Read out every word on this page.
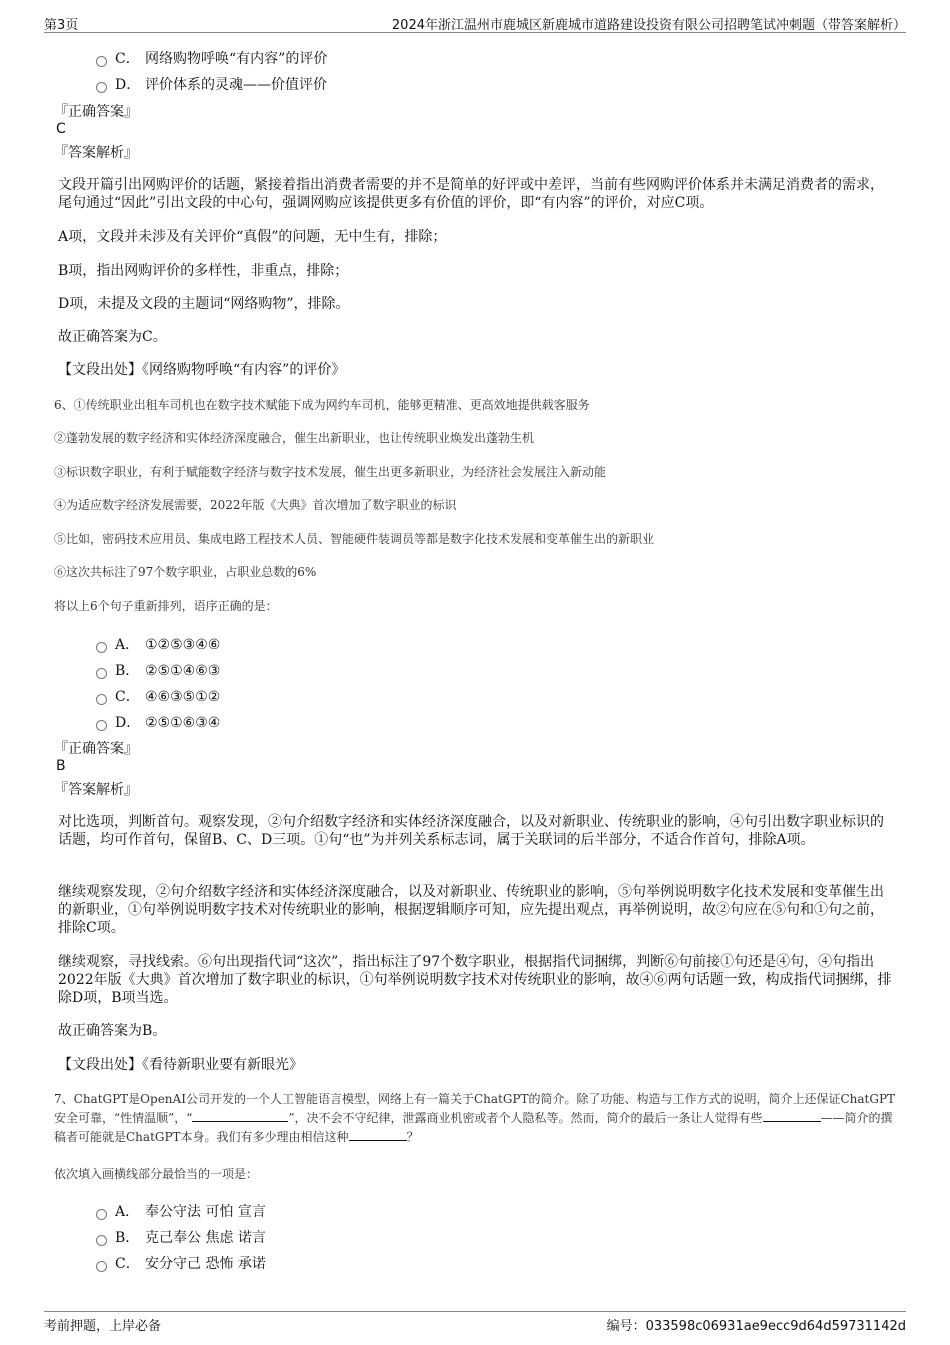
第3页	2024年浙江温州市鹿城区新鹿城市道路建设投资有限公司招聘笔试冲刺题（带答案解析）
C． 网络购物呼唤“有内容”的评价
D． 评价体系的灵魂——价值评价
『正确答案』
C
『答案解析』
文段开篇引出网购评价的话题，紧接着指出消费者需要的并不是简单的好评或中差评，当前有些网购评价体系并未满足消费者的需求，尾句通过“因此”引出文段的中心句，强调网购应该提供更多有价值的评价，即“有内容”的评价，对应C项。
A项，文段并未涉及有关评价“真假”的问题，无中生有，排除；
B项，指出网购评价的多样性，非重点，排除；
D项，未提及文段的主题词“网络购物”，排除。
故正确答案为C。
【文段出处】《网络购物呼唤“有内容”的评价》
6、①传统职业出租车司机也在数字技术赋能下成为网约车司机，能够更精准、更高效地提供载客服务
②蓬勃发展的数字经济和实体经济深度融合，催生出新职业，也让传统职业焕发出蓬勃生机
③标识数字职业，有利于赋能数字经济与数字技术发展，催生出更多新职业，为经济社会发展注入新动能
④为适应数字经济发展需要，2022年版《大典》首次增加了数字职业的标识
⑤比如，密码技术应用员、集成电路工程技术人员、智能硬件装调员等都是数字化技术发展和变革催生出的新职业
⑥这次共标注了97个数字职业，占职业总数的6%
将以上6个句子重新排列，语序正确的是：
A． ①②⑤③④⑥
B． ②⑤①④⑥③
C． ④⑥③⑤①②
D． ②⑤①⑥③④
『正确答案』
B
『答案解析』
对比选项，判断首句。观察发现，②句介绍数字经济和实体经济深度融合，以及对新职业、传统职业的影响，④句引出数字职业标识的话题，均可作首句，保留B、C、D三项。①句“也”为并列关系标志词，属于关联词的后半部分，不适合作首句，排除A项。
继续观察发现，②句介绍数字经济和实体经济深度融合，以及对新职业、传统职业的影响，⑤句举例说明数字化技术发展和变革催生出的新职业，①句举例说明数字技术对传统职业的影响，根据逻辑顺序可知，应先提出观点，再举例说明，故②句应在⑤句和①句之前，排除C项。
继续观察，寻找线索。⑥句出现指代词“这次”，指出标注了97个数字职业，根据指代词捆绑，判断⑥句前接①句还是④句，④句指出2022年版《大典》首次增加了数字职业的标识，①句举例说明数字技术对传统职业的影响，故④⑥两句话题一致，构成指代词捆绑，排除D项，B项当选。
故正确答案为B。
【文段出处】《看待新职业要有新眼光》
7、ChatGPT是OpenAI公司开发的一个人工智能语言模型，网络上有一篇关于ChatGPT的简介。除了功能、构造与工作方式的说明，简介上还保证ChatGPT安全可靠，“性情温顺”，“	”，决不会不守纪律，泄露商业机密或者个人隐私等。然而，简介的最后一条让人觉得有些	——简介的撰稿者可能就是ChatGPT本身。我们有多少理由相信这种	？
依次填入画横线部分最恰当的一项是：
A． 奉公守法 可怕 宣言
B． 克己奉公 焦虑 诺言
C． 安分守己 恐怖 承诺
考前押题，上岸必备	编号：033598c06931ae9ecc9d64d59731142d
